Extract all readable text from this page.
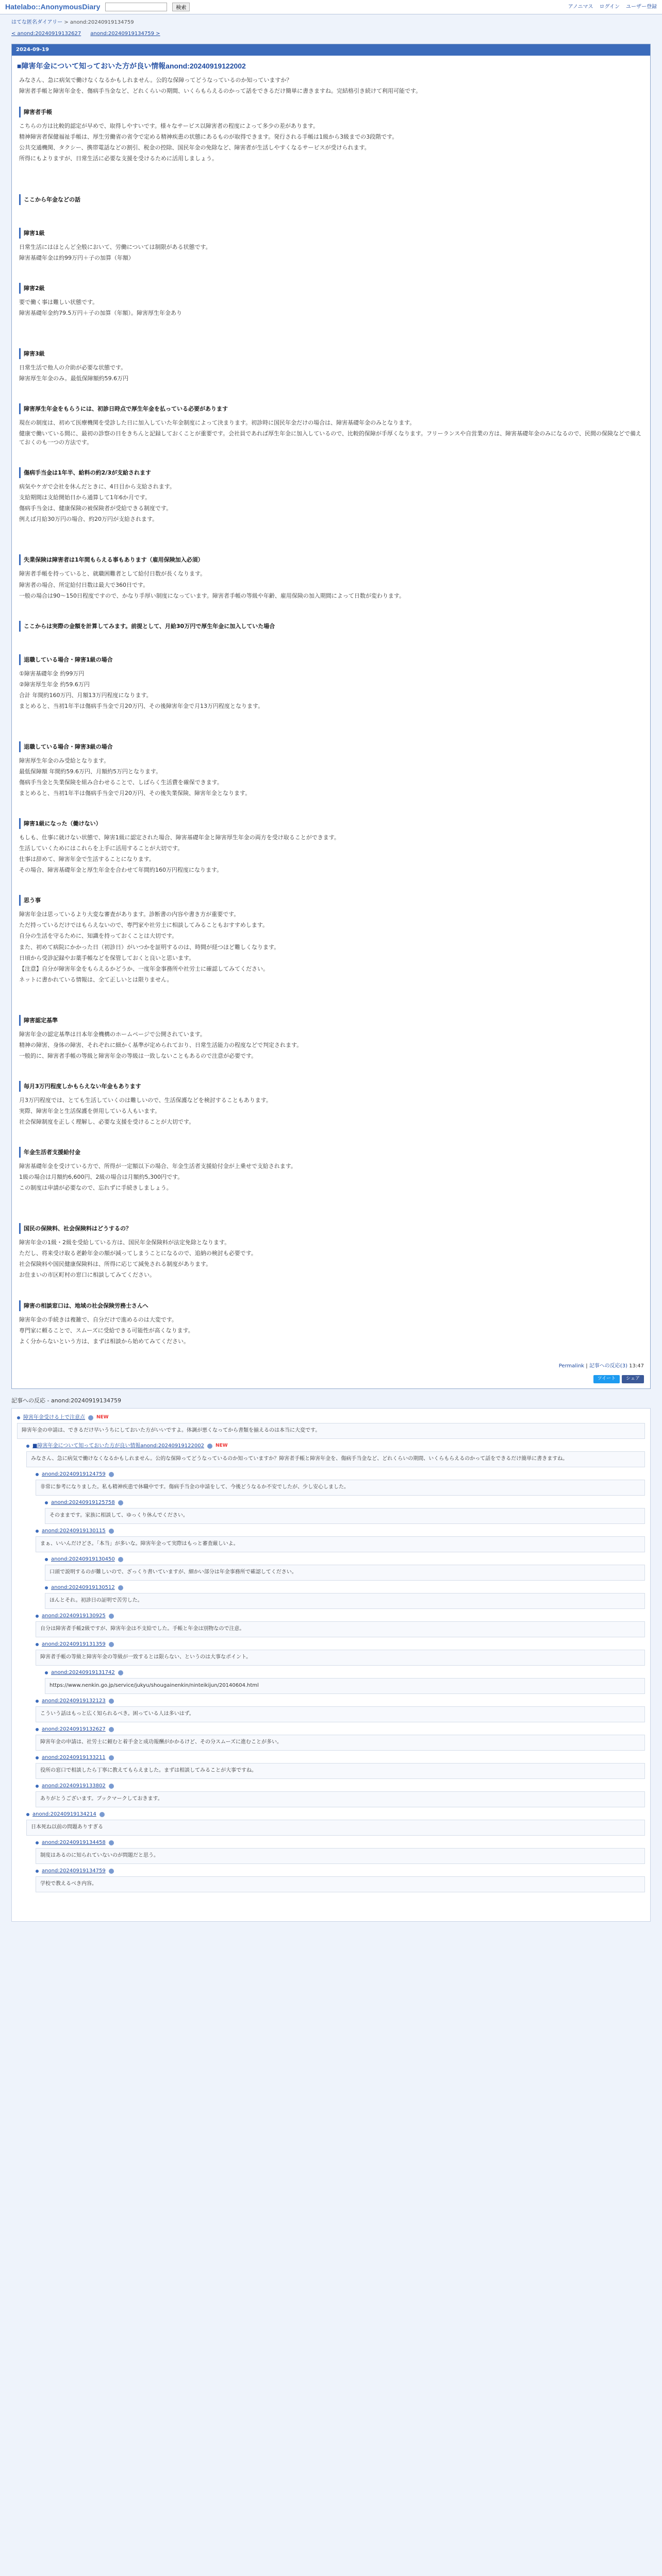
Hatelabo::AnonymousDiary	検索	アノニマス ログイン ユーザー登録
はてな匿名ダイアリー > anond:20240919134759
< anond:20240919132627 anond:20240919134759 >
2024-09-19
■障害年金について知っておいた方が良い情報anond:20240919122002

みなさん、急に病気で働けなくなるかもしれません。公的な保障ってどうなっているのか知っていますか？

障害者手帳と障害年金を、傷病手当金など、どれくらいの期間、いくらもらえるのかって話をできるだけ簡単に書きますね。完結格引き続けて利用可能です。

障害者手帳

こちらの方は比較的認定が早めで、取得しやすいです。様々なサービス以障害者の程度によって多少の差があります。

精神障害者保健福祉手帳は、厚生労働省の省令で定める精神疾患の状態にあるものが取得できます。発行される手帳は1級から3級までの3段階です。

公共交通機関、タクシー、携帯電話などの割引、税金の控除、国民年金の免除など、障害者が生活しやすくなるサービスが受けられます。

所得にもよりますが、日常生活に必要な支援を受けるために活用しましょう。

ここから年金などの話
障害1級

日常生活にはほとんど全般において、労働については制限がある状態です。

障害基礎年金は約99万円＋子の加算（年額）

障害2級

要で働く事は難しい状態です。

障害基礎年金約79.5万円＋子の加算（年額）。障害厚生年金あり

障害3級

日常生活で他人の介助が必要な状態です。

障害厚生年金のみ。最低保障額約59.6万円

障害厚生年金をもらうには、初診日時点で厚生年金を払っている必要があります

現在の制度は、初めて医療機関を受診した日に加入していた年金制度によって決まります。初診時に国民年金だけの場合は、障害基礎年金のみとなります。

健康で働いている間に、最初の診察の日をきちんと記録しておくことが重要です。会社員であれば厚生年金に加入しているので、比較的保障が手厚くなります。フリーランスや自営業の方は、障害基礎年金のみになるので、民間の保険などで備えておくのも一つの方法です。

傷病手当金は1年半、給料の約2/3が支給されます

病気やケガで会社を休んだときに、4日目から支給されます。

支給期間は支給開始日から通算して1年6か月です。

傷病手当金は、健康保険の被保険者が受給できる制度です。

例えば月給30万円の場合、約20万円が支給されます。

失業保険は障害者は1年間もらえる事もあります（雇用保険加入必須）

障害者手帳を持っていると、就職困難者として給付日数が長くなります。

障害者の場合、所定給付日数は最大で360日です。

一般の場合は90〜150日程度ですので、かなり手厚い制度になっています。障害者手帳の等級や年齢、雇用保険の加入期間によって日数が変わります。

ここからは実際の金額を計算してみます。前提として、月給30万円で厚生年金に加入していた場合
退職している場合・障害1級の場合

①障害基礎年金 約99万円

②障害厚生年金 約59.6万円

合計 年間約160万円、月額13万円程度になります。

まとめると、当初1年半は傷病手当金で月20万円、その後障害年金で月13万円程度となります。

退職している場合・障害3級の場合

障害厚生年金のみ受給となります。

最低保障額 年間約59.6万円、月額約5万円となります。

傷病手当金と失業保険を組み合わせることで、しばらく生活費を確保できます。

まとめると、当初1年半は傷病手当金で月20万円、その後失業保険、障害年金となります。

障害1級になった（働けない）

もしも、仕事に就けない状態で、障害1級に認定された場合、障害基礎年金と障害厚生年金の両方を受け取ることができます。

生活していくためにはこれらを上手に活用することが大切です。

仕事は辞めて、障害年金で生活することになります。

その場合、障害基礎年金と厚生年金を合わせて年間約160万円程度になります。

思う事

障害年金は思っているより大変な審査があります。診断書の内容や書き方が重要です。

ただ持っているだけではもらえないので、専門家や社労士に相談してみることもおすすめします。

自分の生活を守るために、知識を持っておくことは大切です。

また、初めて病院にかかった日（初診日）がいつかを証明するのは、時間が経つほど難しくなります。

日頃から受診記録やお薬手帳などを保管しておくと良いと思います。

【注意】自分が障害年金をもらえるかどうか、一度年金事務所や社労士に確認してみてください。

ネットに書かれている情報は、全て正しいとは限りません。

障害認定基準

障害年金の認定基準は日本年金機構のホームページで公開されています。

精神の障害、身体の障害、それぞれに細かく基準が定められており、日常生活能力の程度などで判定されます。

一般的に、障害者手帳の等級と障害年金の等級は一致しないこともあるので注意が必要です。

毎月3万円程度しかもらえない年金もあります

月3万円程度では、とても生活していくのは難しいので、生活保護などを検討することもあります。

実際、障害年金と生活保護を併用している人もいます。

社会保障制度を正しく理解し、必要な支援を受けることが大切です。

年金生活者支援給付金

障害基礎年金を受けている方で、所得が一定額以下の場合、年金生活者支援給付金が上乗せで支給されます。

1級の場合は月額約6,600円、2級の場合は月額約5,300円です。

この制度は申請が必要なので、忘れずに手続きしましょう。

国民の保険料、社会保険料はどうするの？

障害年金の1級・2級を受給している方は、国民年金保険料が法定免除となります。

ただし、将来受け取る老齢年金の額が減ってしまうことになるので、追納の検討も必要です。

社会保険料や国民健康保険料は、所得に応じて減免される制度があります。

お住まいの市区町村の窓口に相談してみてください。

障害の相談窓口は、地域の社会保険労務士さんへ

障害年金の手続きは複雑で、自分だけで進めるのは大変です。

専門家に頼ることで、スムーズに受給できる可能性が高くなります。

よく分からないという方は、まずは相談から始めてみてください。

Permalink | 記事への反応(3) 13:47
ツイート	シェア
記事への反応 - anond:20240919134759
障害年金受ける上で注意点 NEW

障害年金の申請は、できるだけ早いうちにしておいた方がいいですよ。体調が悪くなってから書類を揃えるのは本当に大変です。

■障害年金について知っておいた方が良い情報anond:20240919122002 NEW

みなさん、急に病気で働けなくなるかもしれません。公的な保障ってどうなっているのか知っていますか？障害者手帳と障害年金を、傷病手当金など、どれくらいの期間、いくらもらえるのかって話をできるだけ簡単に書きますね。

anond:20240919124759

非常に参考になりました。私も精神疾患で休職中です。傷病手当金の申請をして、今後どうなるか不安でしたが、少し安心しました。

anond:20240919125758

そのままです。家族に相談して、ゆっくり休んでください。

anond:20240919130115

まぁ、いいんだけどさ。「本当」が多いな。障害年金って実際はもっと審査厳しいよ。

anond:20240919130450

口頭で説明するのが難しいので、ざっくり書いていますが、細かい部分は年金事務所で確認してください。

anond:20240919130512

ほんとそれ。初診日の証明で苦労した。

anond:20240919130925

自分は障害者手帳2級ですが、障害年金は不支給でした。手帳と年金は別物なので注意。

anond:20240919131359

障害者手帳の等級と障害年金の等級が一致するとは限らない、というのは大事なポイント。

anond:20240919131742

https://www.nenkin.go.jp/service/jukyu/shougainenkin/ninteikijun/20140604.html

anond:20240919132123

こういう話はもっと広く知られるべき。困っている人は多いはず。

anond:20240919132627

障害年金の申請は、社労士に頼むと着手金と成功報酬がかかるけど、その分スムーズに進むことが多い。

anond:20240919133211

役所の窓口で相談したら丁寧に教えてもらえました。まずは相談してみることが大事ですね。

anond:20240919133802

ありがとうございます。ブックマークしておきます。

anond:20240919134214

日本死ね以前の問題ありすぎる

anond:20240919134458

制度はあるのに知られていないのが問題だと思う。

anond:20240919134759

学校で教えるべき内容。
